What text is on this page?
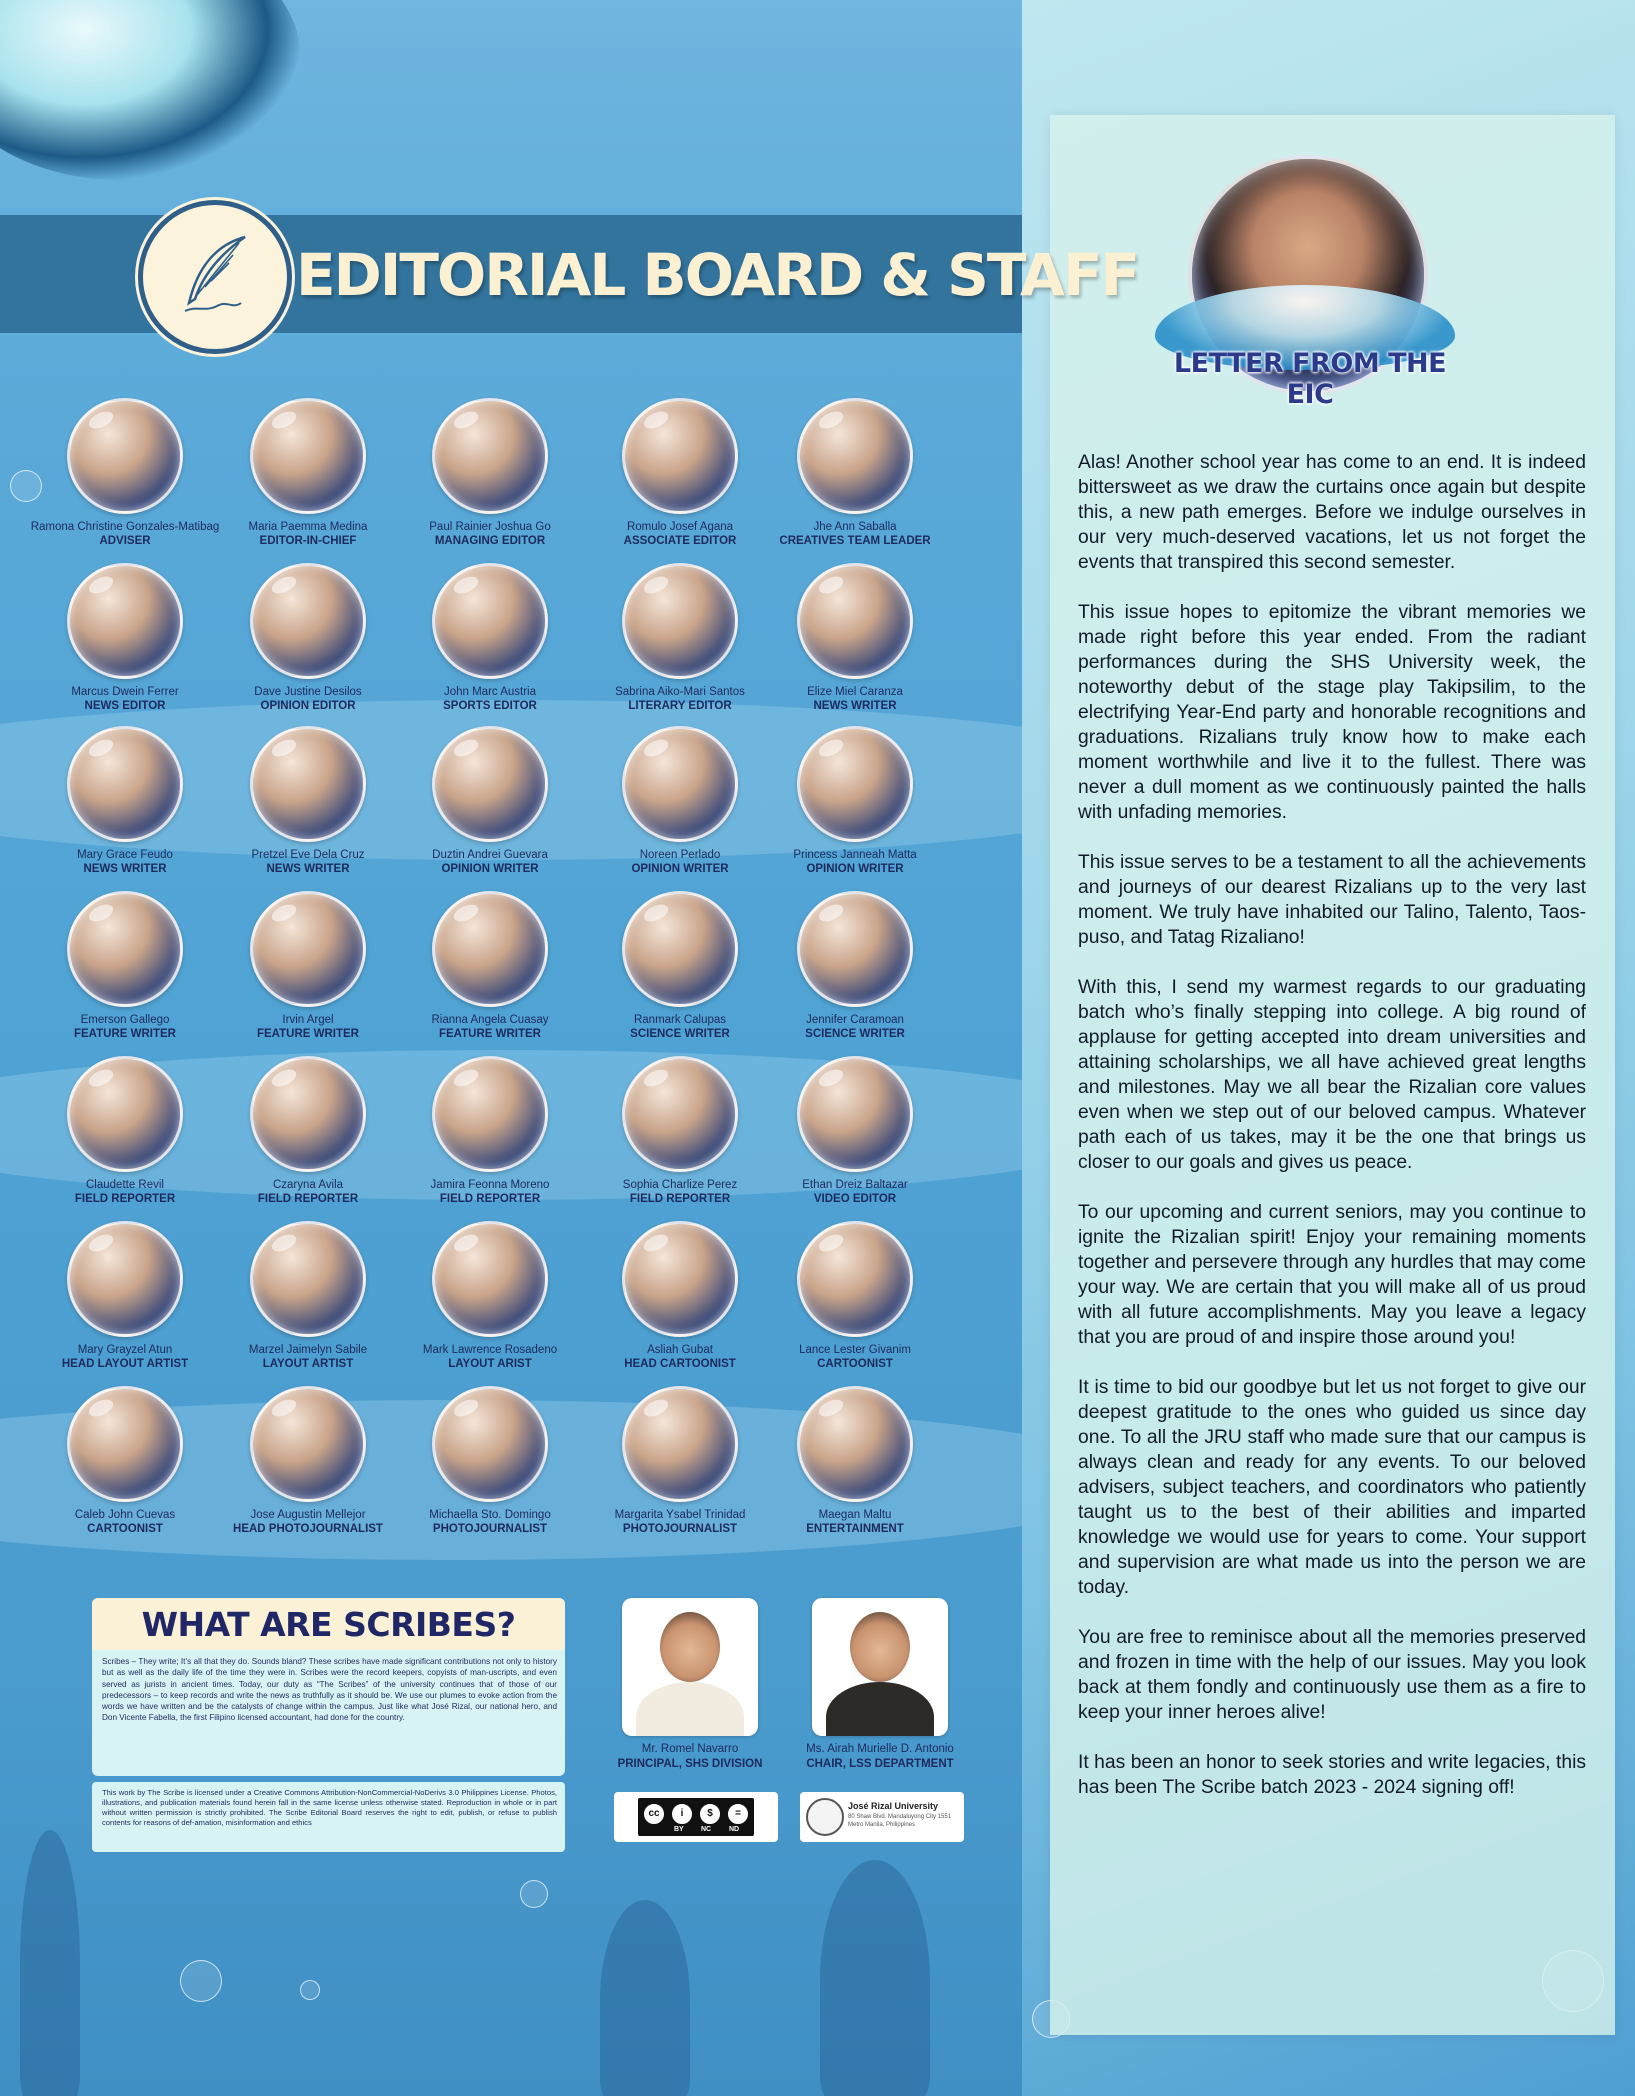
EDITORIAL BOARD & STAFF
Ramona Christine Gonzales-Matibag
ADVISER
Maria Paemma Medina
EDITOR-IN-CHIEF
Paul Rainier Joshua Go
MANAGING EDITOR
Romulo Josef Agana
ASSOCIATE EDITOR
Jhe Ann Saballa
CREATIVES TEAM LEADER
Marcus Dwein Ferrer
NEWS EDITOR
Dave Justine Desilos
OPINION EDITOR
John Marc Austria
SPORTS EDITOR
Sabrina Aiko-Mari Santos
LITERARY EDITOR
Elize Miel Caranza
NEWS WRITER
Mary Grace Feudo
NEWS WRITER
Pretzel Eve Dela Cruz
NEWS WRITER
Duztin Andrei Guevara
OPINION WRITER
Noreen Perlado
OPINION WRITER
Princess Janneah Matta
OPINION WRITER
Emerson Gallego
FEATURE WRITER
Irvin Argel
FEATURE WRITER
Rianna Angela Cuasay
FEATURE WRITER
Ranmark Calupas
SCIENCE WRITER
Jennifer Caramoan
SCIENCE WRITER
Claudette Revil
FIELD REPORTER
Czaryna Avila
FIELD REPORTER
Jamira Feonna Moreno
FIELD REPORTER
Sophia Charlize Perez
FIELD REPORTER
Ethan Dreiz Baltazar
VIDEO EDITOR
Mary Grayzel Atun
HEAD LAYOUT ARTIST
Marzel Jaimelyn Sabile
LAYOUT ARTIST
Mark Lawrence Rosadeno
LAYOUT ARIST
Asliah Gubat
HEAD CARTOONIST
Lance Lester Givanim
CARTOONIST
Caleb John Cuevas
CARTOONIST
Jose Augustin Mellejor
HEAD PHOTOJOURNALIST
Michaella Sto. Domingo
PHOTOJOURNALIST
Margarita Ysabel Trinidad
PHOTOJOURNALIST
Maegan Maltu
ENTERTAINMENT
WHAT ARE SCRIBES?
Scribes – They write; It’s all that they do. Sounds bland? These scribes have made significant contributions not only to history but as well as the daily life of the time they were in. Scribes were the record keepers, copyists of man-uscripts, and even served as jurists in ancient times. Today, our duty as “The Scribes” of the university continues that of those of our predecessors – to keep records and write the news as truthfully as it should be. We use our plumes to evoke action from the words we have written and be the catalysts of change within the campus. Just like what José Rizal, our national hero, and Don Vicente Fabella, the first Filipino licensed accountant, had done for the country.
This work by The Scribe is licensed under a Creative Commons Attribution-NonCommercial-NoDerivs 3.0 Philippines License. Photos, illustrations, and publication materials found herein fall in the same license unless otherwise stated. Reproduction in whole or in part without written permission is strictly prohibited. The Scribe Editorial Board reserves the right to edit, publish, or refuse to publish contents for reasons of def-amation, misinformation and ethics
Mr. Romel Navarro
PRINCIPAL, SHS DIVISION
Ms. Airah Murielle D. Antonio
CHAIR, LSS DEPARTMENT
cc	i	$	=
BY NC	ND
José Rizal University
80 Shaw Blvd. Mandaluyong City 1551 Metro Manila, Philippines
LETTER FROM THE EIC

Alas! Another school year has come to an end. It is indeed bittersweet as we draw the curtains once again but despite this, a new path emerges. Before we indulge ourselves in our very much-deserved vacations, let us not forget the events that transpired this second semester.

This issue hopes to epitomize the vibrant memories we made right before this year ended. From the radiant performances during the SHS University week, the noteworthy debut of the stage play Takipsilim, to the electrifying Year-End party and honorable recognitions and graduations. Rizalians truly know how to make each moment worthwhile and live it to the fullest. There was never a dull moment as we continuously painted the halls with unfading memories.

This issue serves to be a testament to all the achievements and journeys of our dearest Rizalians up to the very last moment. We truly have inhabited our Talino, Talento, Taos-puso, and Tatag Rizaliano!

With this, I send my warmest regards to our graduating batch who’s finally stepping into college. A big round of applause for getting accepted into dream universities and attaining scholarships, we all have achieved great lengths and milestones. May we all bear the Rizalian core values even when we step out of our beloved campus. Whatever path each of us takes, may it be the one that brings us closer to our goals and gives us peace.

To our upcoming and current seniors, may you continue to ignite the Rizalian spirit! Enjoy your remaining moments together and persevere through any hurdles that may come your way. We are certain that you will make all of us proud with all future accomplishments. May you leave a legacy that you are proud of and inspire those around you!

It is time to bid our goodbye but let us not forget to give our deepest gratitude to the ones who guided us since day one. To all the JRU staff who made sure that our campus is always clean and ready for any events. To our beloved advisers, subject teachers, and coordinators who patiently taught us to the best of their abilities and imparted knowledge we would use for years to come. Your support and supervision are what made us into the person we are today.

You are free to reminisce about all the memories preserved and frozen in time with the help of our issues. May you look back at them fondly and continuously use them as a fire to keep your inner heroes alive!

It has been an honor to seek stories and write legacies, this has been The Scribe batch 2023 - 2024 signing off!
